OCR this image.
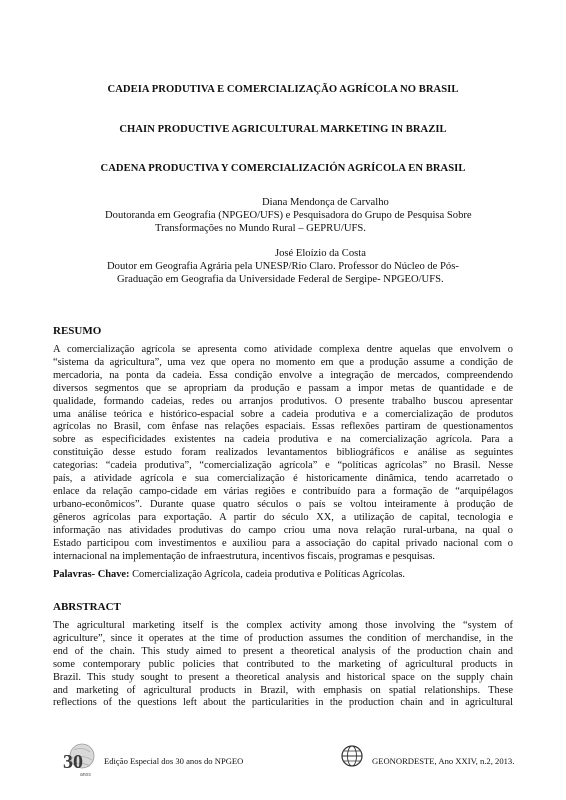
CADEIA PRODUTIVA E COMERCIALIZAÇÃO AGRÍCOLA NO BRASIL
CHAIN PRODUCTIVE AGRICULTURAL MARKETING IN BRAZIL
CADENA PRODUCTIVA Y COMERCIALIZACIÓN AGRÍCOLA EN BRASIL
Diana Mendonça de Carvalho
Doutoranda em Geografia (NPGEO/UFS) e Pesquisadora do Grupo de Pesquisa Sobre
Transformações no Mundo Rural – GEPRU/UFS.
José Eloízio da Costa
Doutor em Geografia Agrária pela UNESP/Rio Claro. Professor do Núcleo de Pós-
Graduação em Geografia da Universidade Federal de Sergipe- NPGEO/UFS.
RESUMO
A comercialização agrícola se apresenta como atividade complexa dentre aquelas que envolvem o
“sistema da agricultura”, uma vez que opera no momento em que a produção assume a condição de
mercadoria, na ponta da cadeia. Essa condição envolve a integração de mercados, compreendendo
diversos segmentos que se apropriam da produção e passam a impor metas de quantidade e de
qualidade, formando cadeias, redes ou arranjos produtivos. O presente trabalho buscou apresentar
uma análise teórica e histórico-espacial sobre a cadeia produtiva e a comercialização de produtos
agrícolas no Brasil, com ênfase nas relações espaciais. Essas reflexões partiram de questionamentos
sobre as especificidades existentes na cadeia produtiva e na comercialização agrícola. Para a
constituição desse estudo foram realizados levantamentos bibliográficos e análise as seguintes
categorias: “cadeia produtiva”, “comercialização agrícola” e “políticas agrícolas” no Brasil. Nesse
país, a atividade agrícola e sua comercialização é historicamente dinâmica, tendo acarretado o
enlace da relação campo-cidade em várias regiões e contribuído para a formação de “arquipélagos
urbano-econômicos”. Durante quase quatro séculos o país se voltou inteiramente à produção de
gêneros agrícolas para exportação. A partir do século XX, a utilização de capital, tecnologia e
informação nas atividades produtivas do campo criou uma nova relação rural-urbana, na qual o
Estado participou com investimentos e auxiliou para a associação do capital privado nacional com o
internacional na implementação de infraestrutura, incentivos fiscais, programas e pesquisas.
Palavras- Chave: Comercialização Agrícola, cadeia produtiva e Políticas Agrícolas.
ABRSTRACT
The agricultural marketing itself is the complex activity among those involving the “system of
agriculture”, since it operates at the time of production assumes the condition of merchandise, in the
end of the chain. This study aimed to present a theoretical analysis of the production chain and
some contemporary public policies that contributed to the marketing of agricultural products in
Brazil. This study sought to present a theoretical analysis and historical space on the supply chain
and marketing of agricultural products in Brazil, with emphasis on spatial relationships. These
reflections of the questions left about the particularities in the production chain and in agricultural
30
anos
Edição Especial dos 30 anos do NPGEO	GEONORDESTE, Ano XXIV, n.2, 2013.
